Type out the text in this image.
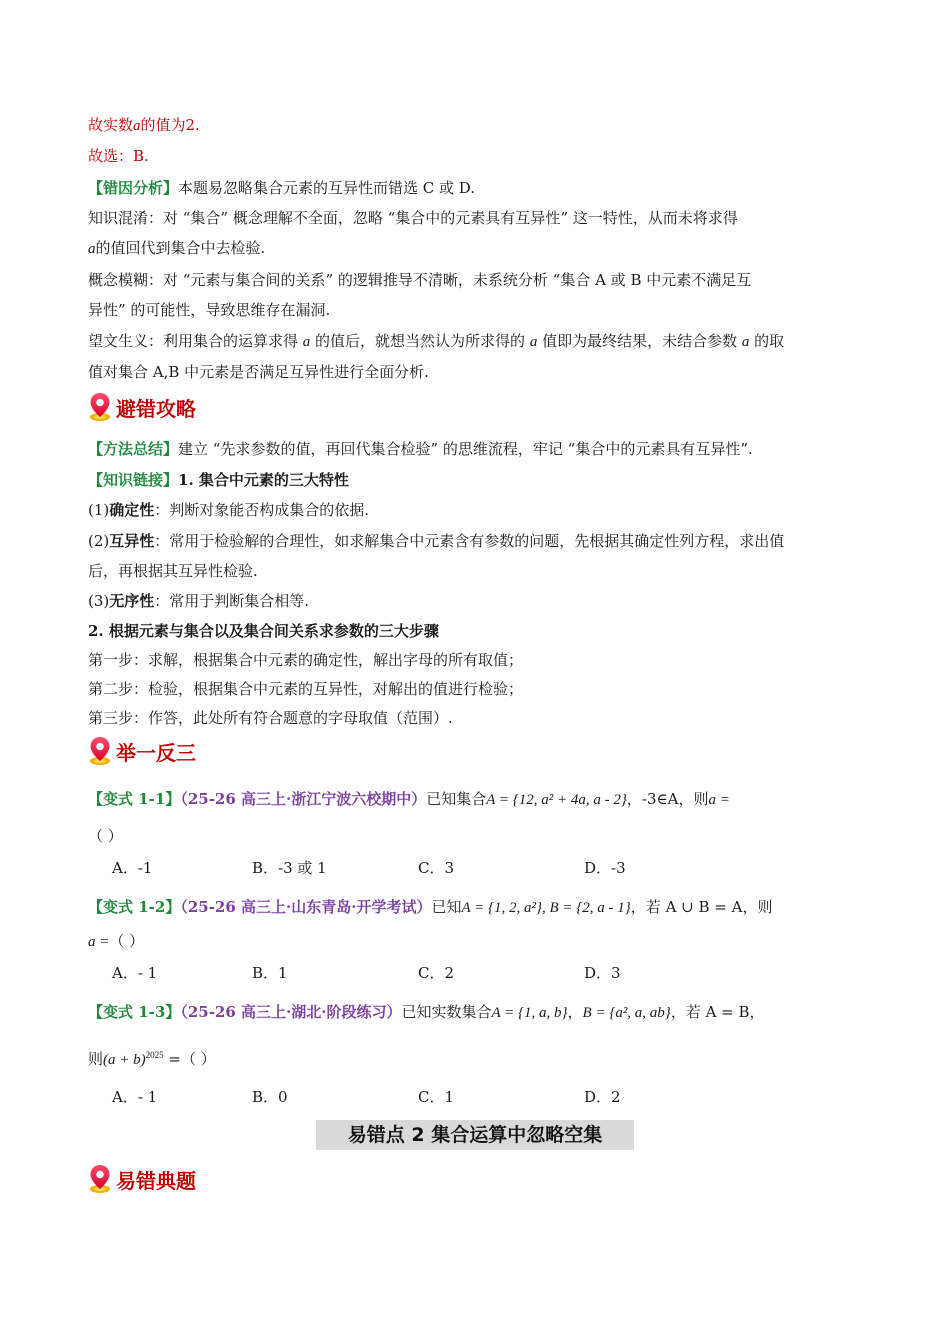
故实数a的值为2.
故选：B.
【错因分析】本题易忽略集合元素的互异性而错选 C 或 D.
知识混淆：对 “集合” 概念理解不全面，忽略 “集合中的元素具有互异性” 这一特性，从而未将求得
a的值回代到集合中去检验.
概念模糊：对 “元素与集合间的关系” 的逻辑推导不清晰，未系统分析 “集合 A 或 B 中元素不满足互
异性” 的可能性，导致思维存在漏洞.
望文生义：利用集合的运算求得 a 的值后，就想当然认为所求得的 a 值即为最终结果，未结合参数 a 的取
值对集合 A,B 中元素是否满足互异性进行全面分析.
避错攻略
【方法总结】建立 “先求参数的值，再回代集合检验” 的思维流程，牢记 “集合中的元素具有互异性”.
【知识链接】1. 集合中元素的三大特性
(1)确定性：判断对象能否构成集合的依据.
(2)互异性：常用于检验解的合理性，如求解集合中元素含有参数的问题，先根据其确定性列方程，求出值
后，再根据其互异性检验.
(3)无序性：常用于判断集合相等.
2. 根据元素与集合以及集合间关系求参数的三大步骤
第一步：求解，根据集合中元素的确定性，解出字母的所有取值；
第二步：检验，根据集合中元素的互异性，对解出的值进行检验；
第三步：作答，此处所有符合题意的字母取值（范围）.
举一反三
【变式 1-1】（25-26 高三上·浙江宁波六校期中）已知集合A = {12, a² + 4a, a - 2}，-3∈A，则a =
（ ）
A．-1	B．-3 或 1	C．3	D．-3
【变式 1-2】（25-26 高三上·山东青岛·开学考试）已知A = {1, 2, a²}, B = {2, a - 1}，若 A ∪ B = A，则
a =（ ）
A．- 1	B．1	C．2	D．3
【变式 1-3】（25-26 高三上·湖北·阶段练习）已知实数集合A = {1, a, b}，B = {a², a, ab}，若 A = B，
则$(a + b)^{2025}$ =（ ）
A．- 1	B．0	C．1	D．2
易错点 2 集合运算中忽略空集
易错典题
